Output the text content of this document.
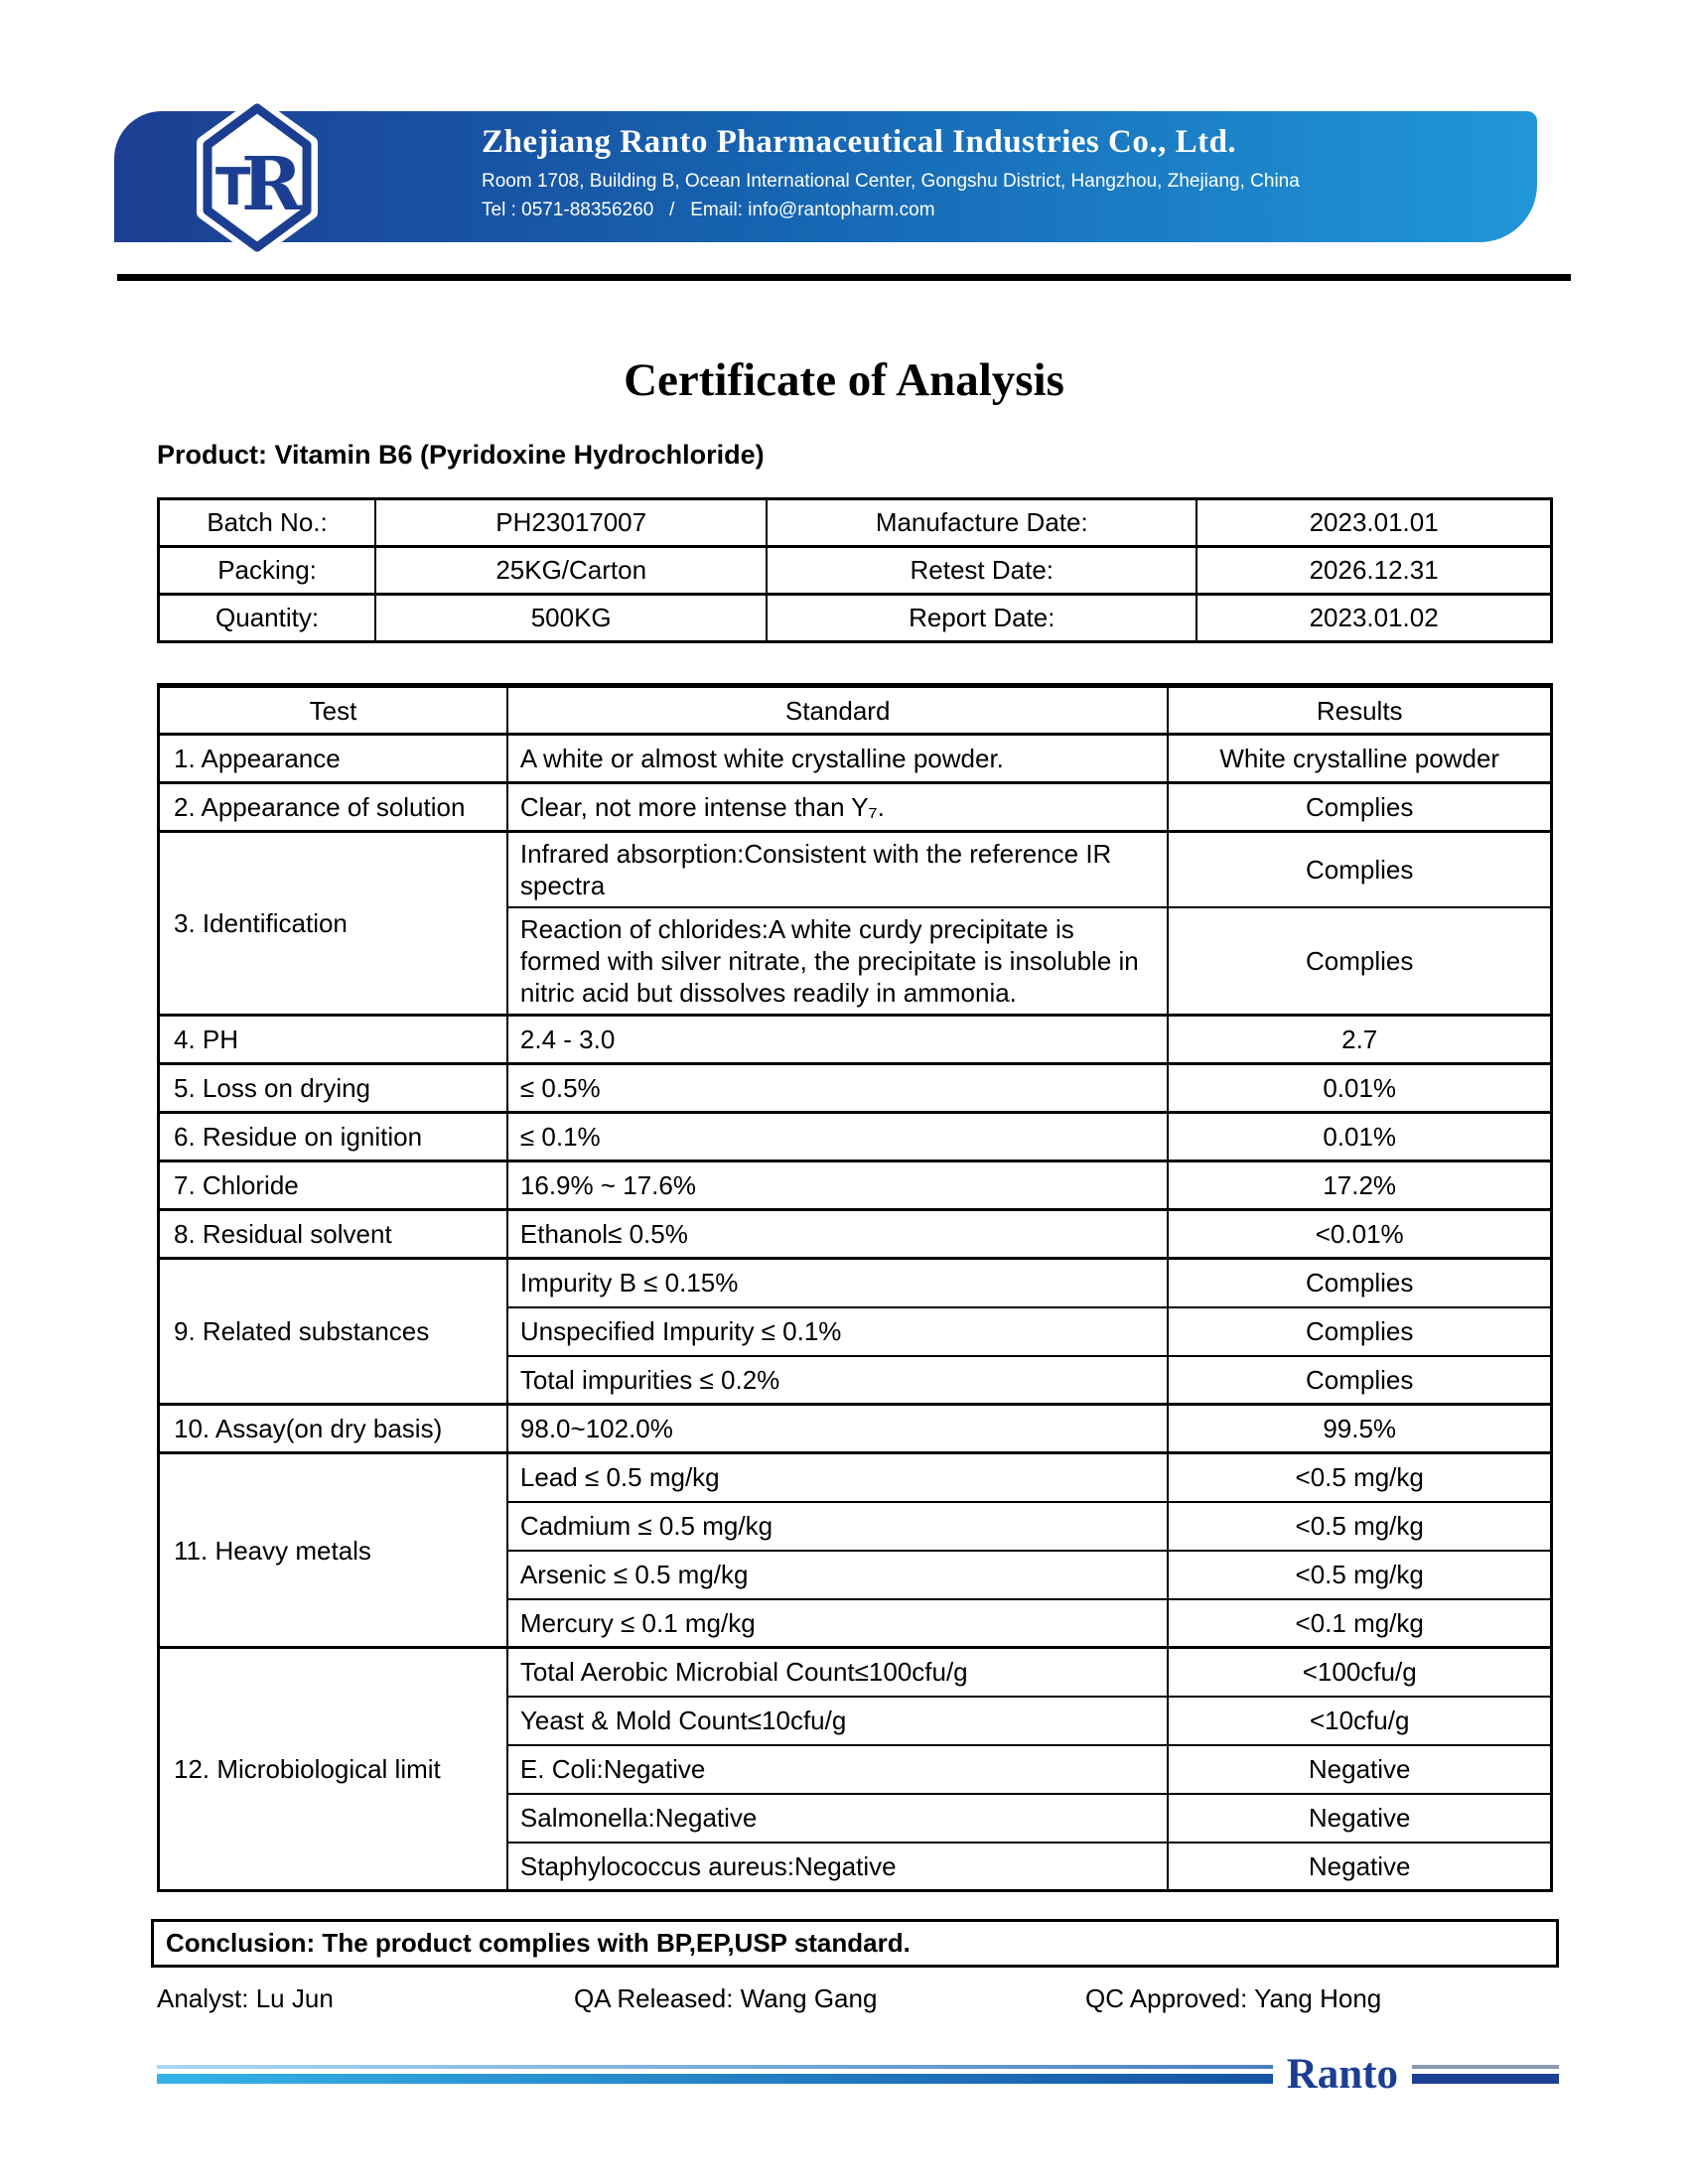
R
T
Zhejiang Ranto Pharmaceutical Industries Co., Ltd.
Room 1708, Building B, Ocean International Center, Gongshu District, Hangzhou, Zhejiang, China
Tel : 0571-88356260   /   Email: info@rantopharm.com
Certificate of Analysis
Product: Vitamin B6 (Pyridoxine Hydrochloride)
Batch No.:	PH23017007	Manufacture Date:	2023.01.01
Packing:	25KG/Carton	Retest Date:	2026.12.31
Quantity:	500KG	Report Date:	2023.01.02
Test	Standard	Results
1. Appearance	A white or almost white crystalline powder.	White crystalline powder
2. Appearance of solution	Clear, not more intense than Y₇.	Complies
3. Identification	Infrared absorption:Consistent with the reference IR spectra	Complies
	Reaction of chlorides:A white curdy precipitate is formed with silver nitrate, the precipitate is insoluble in nitric acid but dissolves readily in ammonia.	Complies
4. PH	2.4 - 3.0	2.7
5. Loss on drying	≤ 0.5%	0.01%
6. Residue on ignition	≤ 0.1%	0.01%
7. Chloride	16.9% ~ 17.6%	17.2%
8. Residual solvent	Ethanol≤ 0.5%	<0.01%
9. Related substances	Impurity B ≤ 0.15%	Complies
	Unspecified Impurity ≤ 0.1%	Complies
	Total impurities ≤ 0.2%	Complies
10. Assay(on dry basis)	98.0~102.0%	99.5%
11. Heavy metals	Lead ≤ 0.5 mg/kg	<0.5 mg/kg
	Cadmium ≤ 0.5 mg/kg	<0.5 mg/kg
	Arsenic ≤ 0.5 mg/kg	<0.5 mg/kg
	Mercury ≤ 0.1 mg/kg	<0.1 mg/kg
12. Microbiological limit	Total Aerobic Microbial Count≤100cfu/g	<100cfu/g
	Yeast & Mold Count≤10cfu/g	<10cfu/g
	E. Coli:Negative	Negative
	Salmonella:Negative	Negative
	Staphylococcus aureus:Negative	Negative
Conclusion: The product complies with BP,EP,USP standard.
Analyst: Lu Jun	QA Released: Wang Gang	QC Approved: Yang Hong
Ranto
